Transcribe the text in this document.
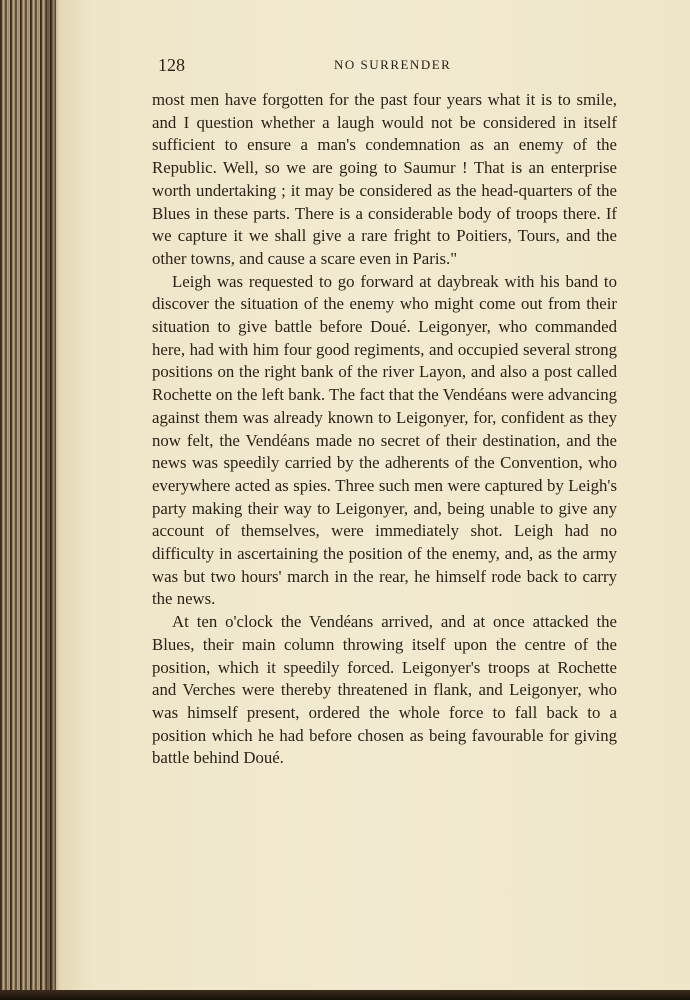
128	NO SURRENDER

most men have forgotten for the past four years what it is to smile, and I question whether a laugh would not be considered in itself sufficient to ensure a man's condemnation as an enemy of the Republic. Well, so we are going to Saumur ! That is an enterprise worth undertaking ; it may be considered as the head-quarters of the Blues in these parts. There is a considerable body of troops there. If we capture it we shall give a rare fright to Poitiers, Tours, and the other towns, and cause a scare even in Paris."

Leigh was requested to go forward at daybreak with his band to discover the situation of the enemy who might come out from their situation to give battle before Doué. Leigonyer, who commanded here, had with him four good regiments, and occupied several strong positions on the right bank of the river Layon, and also a post called Rochette on the left bank. The fact that the Vendéans were advancing against them was already known to Leigonyer, for, confident as they now felt, the Vendéans made no secret of their destination, and the news was speedily carried by the adherents of the Convention, who everywhere acted as spies. Three such men were captured by Leigh's party making their way to Leigonyer, and, being unable to give any account of themselves, were immediately shot. Leigh had no difficulty in ascertaining the position of the enemy, and, as the army was but two hours' march in the rear, he himself rode back to carry the news.

At ten o'clock the Vendéans arrived, and at once attacked the Blues, their main column throwing itself upon the centre of the position, which it speedily forced. Leigonyer's troops at Rochette and Verches were thereby threatened in flank, and Leigonyer, who was himself present, ordered the whole force to fall back to a position which he had before chosen as being favourable for giving battle behind Doué.
